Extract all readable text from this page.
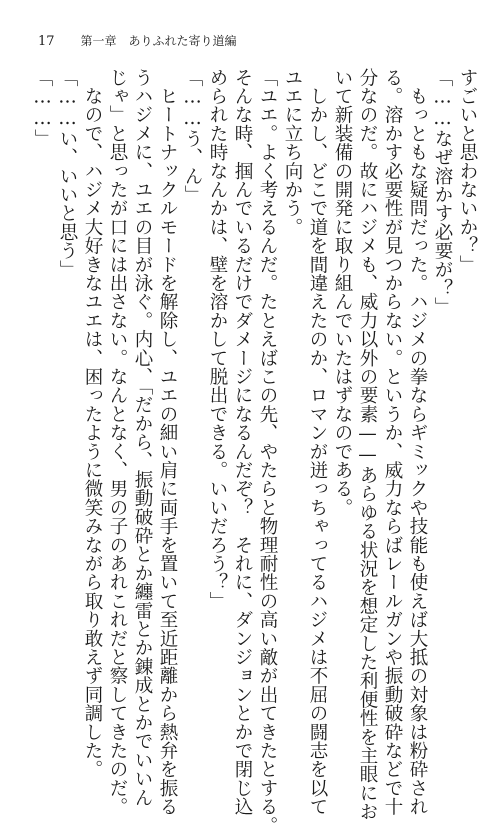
17 第一章　ありふれた寄り道編
すごいと思わないか？」
「……なぜ溶かす必要が？」
　もっともな疑問だった。ハジメの拳ならギミックや技能も使えば大抵の対象は粉砕され
る。溶かす必要性が見つからない。というか、威力ならばレールガンや振動破砕などで十
分なのだ。故にハジメも、威力以外の要素——あらゆる状況を想定した利便性を主眼にお
いて新装備の開発に取り組んでいたはずなのである。
　しかし、どこで道を間違えたのか、ロマンが迸っちゃってるハジメは不屈の闘志を以て
ユエに立ち向かう。
「ユエ。よく考えるんだ。たとえばこの先、やたらと物理耐性の高い敵が出てきたとする。
そんな時、掴んでいるだけでダメージになるんだぞ？　それに、ダンジョンとかで閉じ込
められた時なんかは、壁を溶かして脱出できる。いいだろう？」
「……う、ん」
　ヒートナックルモードを解除し、ユエの細い肩に両手を置いて至近距離から熱弁を振る
うハジメに、ユエの目が泳ぐ。内心、「だから、振動破砕とか纏雷とか錬成とかでいいん
じゃ」と思ったが口には出さない。なんとなく、男の子のあれこれだと察してきたのだ。
　なので、ハジメ大好きなユエは、困ったように微笑みながら取り敢えず同調した。
「……い、いいと思う」
「……」
